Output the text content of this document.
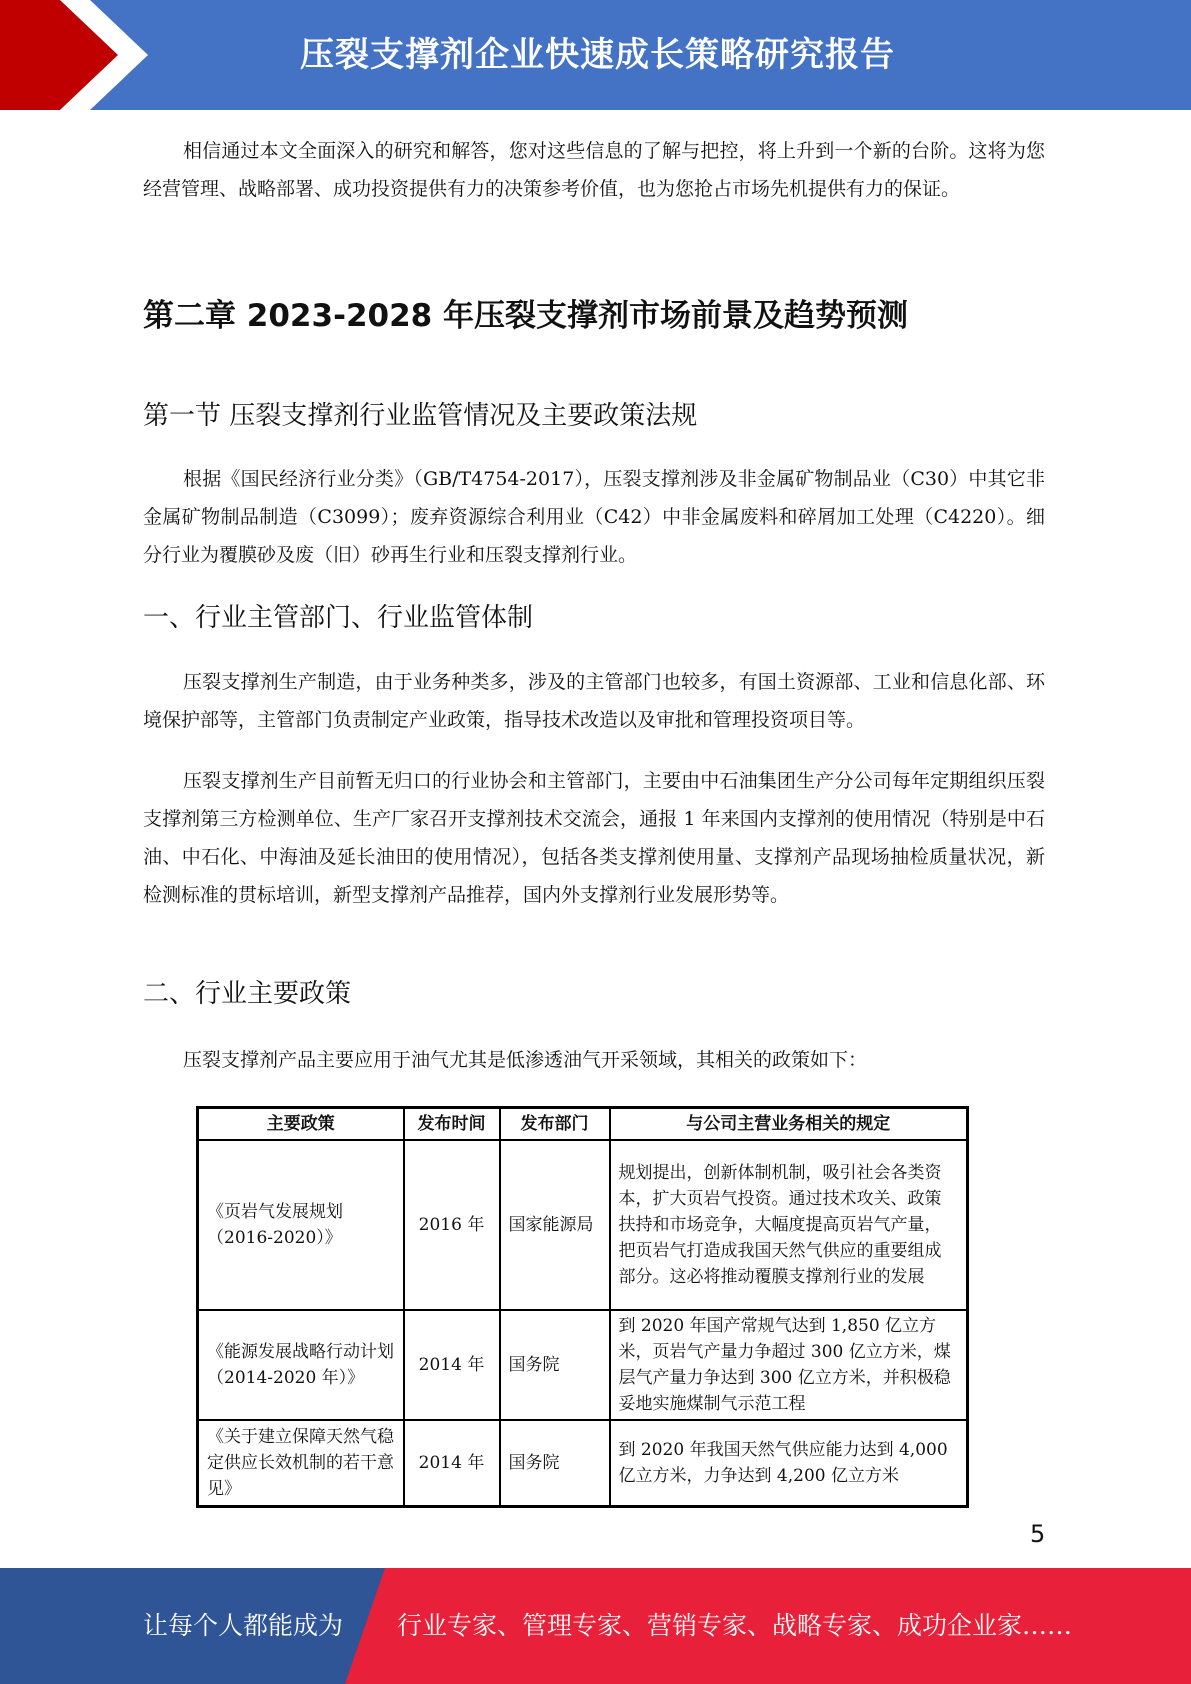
压裂支撑剂企业快速成长策略研究报告

相信通过本文全面深入的研究和解答，您对这些信息的了解与把控，将上升到一个新的台阶。这将为您经营管理、战略部署、成功投资提供有力的决策参考价值，也为您抢占市场先机提供有力的保证。

第二章 2023-2028 年压裂支撑剂市场前景及趋势预测
第一节 压裂支撑剂行业监管情况及主要政策法规

根据《国民经济行业分类》（GB/T4754-2017），压裂支撑剂涉及非金属矿物制品业（C30）中其它非金属矿物制品制造（C3099）；废弃资源综合利用业（C42）中非金属废料和碎屑加工处理（C4220）。细分行业为覆膜砂及废（旧）砂再生行业和压裂支撑剂行业。

一、行业主管部门、行业监管体制

压裂支撑剂生产制造，由于业务种类多，涉及的主管部门也较多，有国土资源部、工业和信息化部、环境保护部等，主管部门负责制定产业政策，指导技术改造以及审批和管理投资项目等。

压裂支撑剂生产目前暂无归口的行业协会和主管部门，主要由中石油集团生产分公司每年定期组织压裂支撑剂第三方检测单位、生产厂家召开支撑剂技术交流会，通报 1 年来国内支撑剂的使用情况（特别是中石油、中石化、中海油及延长油田的使用情况），包括各类支撑剂使用量、支撑剂产品现场抽检质量状况，新检测标准的贯标培训，新型支撑剂产品推荐，国内外支撑剂行业发展形势等。

二、行业主要政策

压裂支撑剂产品主要应用于油气尤其是低渗透油气开采领域，其相关的政策如下：

主要政策	发布时间	发布部门	与公司主营业务相关的规定
《页岩气发展规划（2016-2020）》	2016 年	国家能源局	规划提出，创新体制机制，吸引社会各类资本，扩大页岩气投资。通过技术攻关、政策扶持和市场竞争，大幅度提高页岩气产量，把页岩气打造成我国天然气供应的重要组成部分。这必将推动覆膜支撑剂行业的发展
《能源发展战略行动计划（2014-2020 年）》	2014 年	国务院	到 2020 年国产常规气达到 1,850 亿立方米，页岩气产量力争超过 300 亿立方米，煤层气产量力争达到 300 亿立方米，并积极稳妥地实施煤制气示范工程
《关于建立保障天然气稳定供应长效机制的若干意见》	2014 年	国务院	到 2020 年我国天然气供应能力达到 4,000 亿立方米，力争达到 4,200 亿立方米
5
让每个人都能成为 行业专家、管理专家、营销专家、战略专家、成功企业家……
